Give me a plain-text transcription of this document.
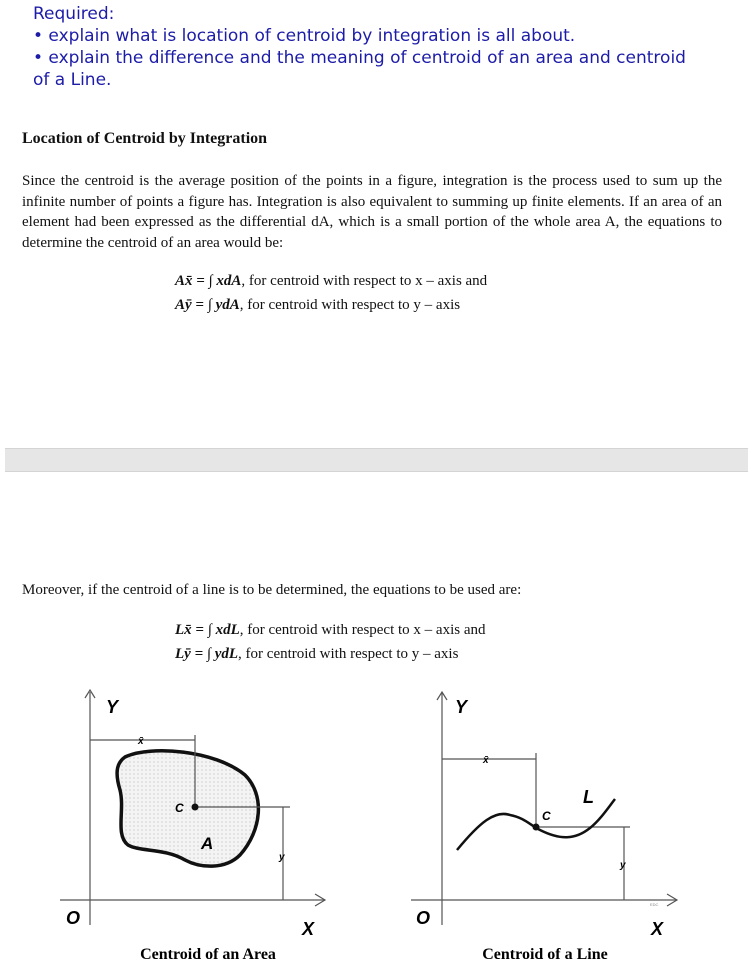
Required:
• explain what is location of centroid by integration is all about.
• explain the difference and the meaning of centroid of an area and centroid
of a Line.
Location of Centroid by Integration
Since the centroid is the average position of the points in a figure, integration is the process used to sum up the infinite number of points a figure has. Integration is also equivalent to summing up finite elements. If an area of an element had been expressed as the differential dA, which is a small portion of the whole area A, the equations to determine the centroid of an area would be:
Ax̄ = ∫ xdA, for centroid with respect to x – axis and
Aȳ = ∫ ydA, for centroid with respect to y – axis
Moreover, if the centroid of a line is to be determined, the equations to be used are:
Lx̄ = ∫ xdL, for centroid with respect to x – axis and
Lȳ = ∫ ydL, for centroid with respect to y – axis
Y
O
X
x̄
C
A
y
Centroid of an Area
Y
O
X
x̄
C
L
y
EDC
Centroid of a Line
